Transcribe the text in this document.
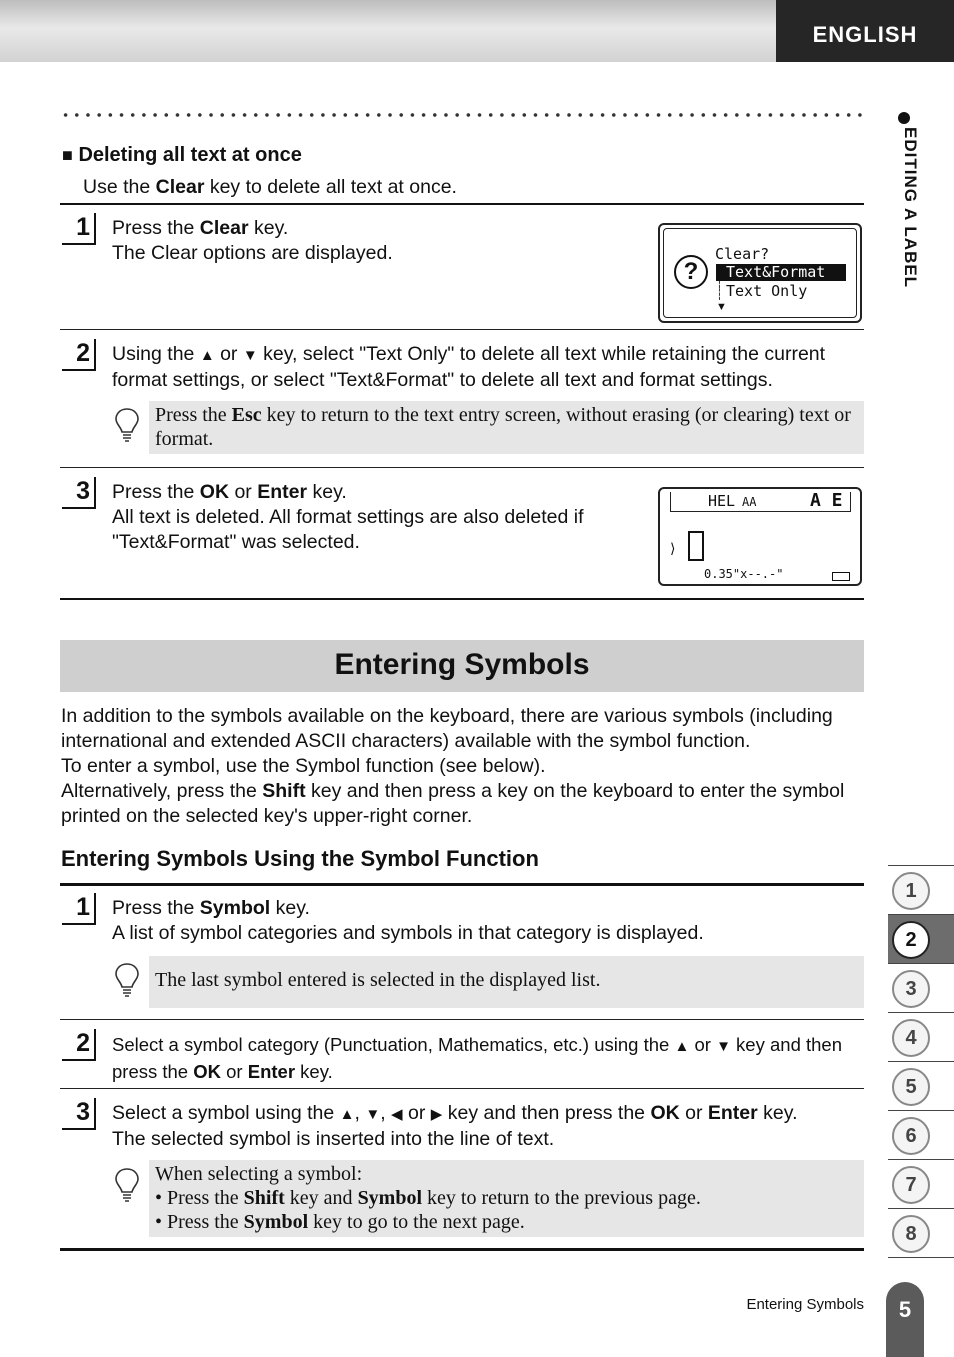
ENGLISH
EDITING A LABEL
■ Deleting all text at once
Use the Clear key to delete all text at once.
1	Press the Clear key.
The Clear options are displayed.
?
Clear?
Text&Format
Text Only
▲
┆
┆
▼
2	Using the ▲ or ▼ key, select "Text Only" to delete all text while retaining the current format settings, or select "Text&Format" to delete all text and format settings.
Press the Esc key to return to the text entry screen, without erasing (or clearing) text or format.
3	Press the OK or Enter key.
All text is deleted. All format settings are also deleted if "Text&Format" was selected.
HEL AA	A E
⟩
0.35"x--.-"
Entering Symbols
In addition to the symbols available on the keyboard, there are various symbols (including international and extended ASCII characters) available with the symbol function.
To enter a symbol, use the Symbol function (see below).
Alternatively, press the Shift key and then press a key on the keyboard to enter the symbol printed on the selected key's upper-right corner.
Entering Symbols Using the Symbol Function
1	Press the Symbol key.
A list of symbol categories and symbols in that category is displayed.
The last symbol entered is selected in the displayed list.
2	Select a symbol category (Punctuation, Mathematics, etc.) using the ▲ or ▼ key and then press the OK or Enter key.
3	Select a symbol using the ▲, ▼, ◀ or ▶ key and then press the OK or Enter key.
The selected symbol is inserted into the line of text.
When selecting a symbol:
• Press the Shift key and Symbol key to return to the previous page.
• Press the Symbol key to go to the next page.
1
2
3
4
5
6
7
8
Entering Symbols	5
